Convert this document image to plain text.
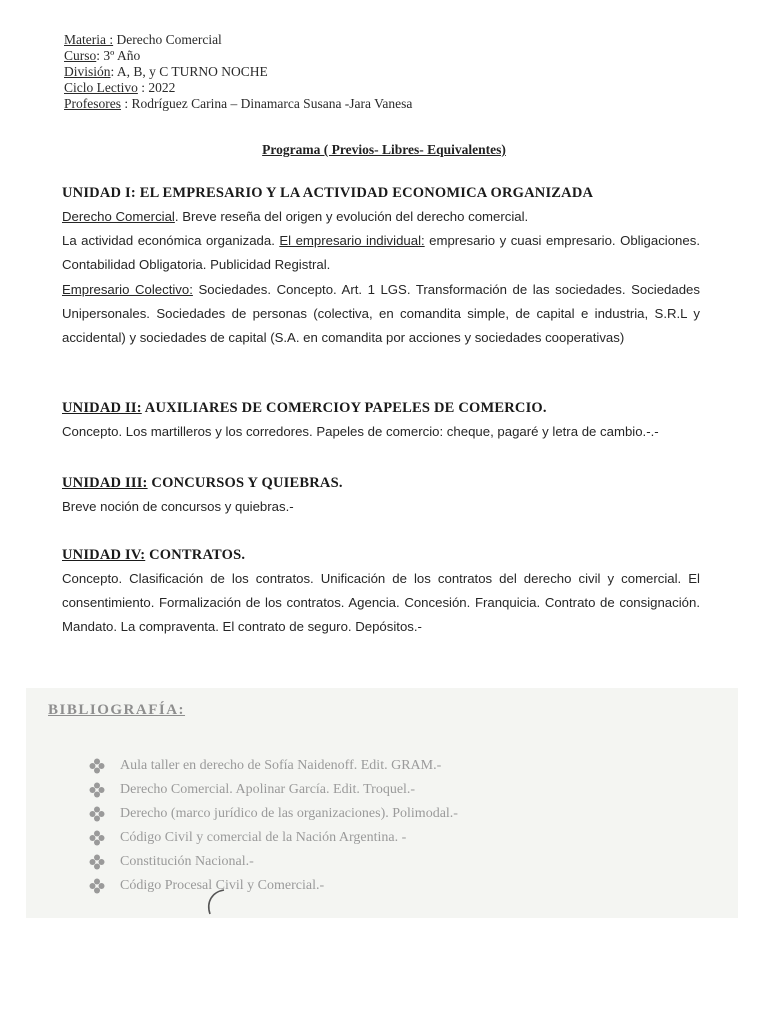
Materia : Derecho Comercial
Curso: 3º Año
División: A, B, y C TURNO NOCHE
Ciclo Lectivo : 2022
Profesores : Rodríguez Carina – Dinamarca Susana -Jara Vanesa
Programa ( Previos- Libres- Equivalentes)
UNIDAD I: EL EMPRESARIO Y LA ACTIVIDAD ECONOMICA ORGANIZADA

Derecho Comercial. Breve reseña del origen y evolución del derecho comercial.

La actividad económica organizada. El empresario individual: empresario y cuasi empresario. Obligaciones. Contabilidad Obligatoria. Publicidad Registral.

Empresario Colectivo: Sociedades. Concepto. Art. 1 LGS. Transformación de las sociedades. Sociedades Unipersonales. Sociedades de personas (colectiva, en comandita simple, de capital e industria, S.R.L y accidental) y sociedades de capital (S.A. en comandita por acciones y sociedades cooperativas)

UNIDAD II: AUXILIARES DE COMERCIOY PAPELES DE COMERCIO.

Concepto. Los martilleros y los corredores. Papeles de comercio: cheque, pagaré y letra de cambio.-.-

UNIDAD III: CONCURSOS Y QUIEBRAS.

Breve noción de concursos y quiebras.-

UNIDAD IV: CONTRATOS.

Concepto. Clasificación de los contratos. Unificación de los contratos del derecho civil y comercial. El consentimiento. Formalización de los contratos. Agencia. Concesión. Franquicia. Contrato de consignación. Mandato. La compraventa. El contrato de seguro. Depósitos.-

BIBLIOGRAFÍA:
Aula taller en derecho de Sofía Naidenoff. Edit. GRAM.-
Derecho Comercial. Apolinar García. Edit. Troquel.-
Derecho (marco jurídico de las organizaciones). Polimodal.-
Código Civil y comercial de la Nación Argentina. -
Constitución Nacional.-
Código Procesal Civil y Comercial.-
